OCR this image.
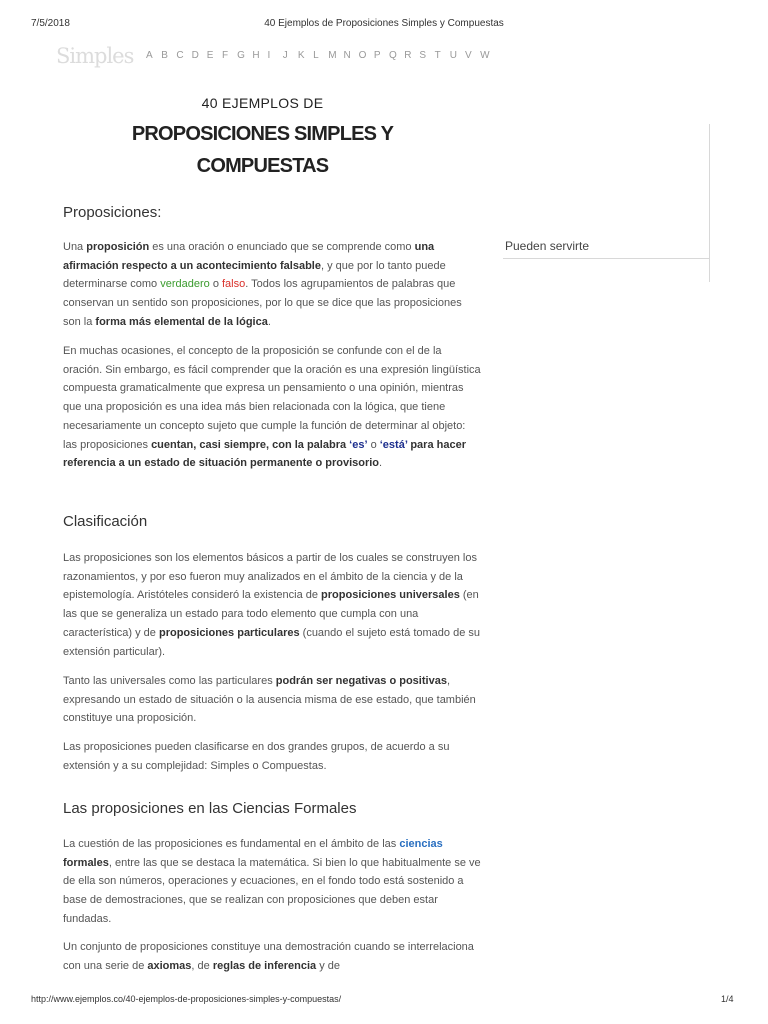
7/5/2018	40 Ejemplos de Proposiciones Simples y Compuestas
Simples A B C D E F G H I	J	K L M N O P Q R S T U V W
40 EJEMPLOS DE
PROPOSICIONES SIMPLES Y
COMPUESTAS
Pueden servirte
Proposiciones:

Una proposición es una oración o enunciado que se comprende como una afirmación respecto a un acontecimiento falsable, y que por lo tanto puede determinarse como verdadero o falso. Todos los agrupamientos de palabras que conservan un sentido son proposiciones, por lo que se dice que las proposiciones son la forma más elemental de la lógica.

En muchas ocasiones, el concepto de la proposición se confunde con el de la oración. Sin embargo, es fácil comprender que la oración es una expresión lingüística compuesta gramaticalmente que expresa un pensamiento o una opinión, mientras que una proposición es una idea más bien relacionada con la lógica, que tiene necesariamente un concepto sujeto que cumple la función de determinar al objeto: las proposiciones cuentan, casi siempre, con la palabra ‘es’ o ‘está’ para hacer referencia a un estado de situación permanente o provisorio.

Clasificación

Las proposiciones son los elementos básicos a partir de los cuales se construyen los razonamientos, y por eso fueron muy analizados en el ámbito de la ciencia y de la epistemología. Aristóteles consideró la existencia de proposiciones universales (en las que se generaliza un estado para todo elemento que cumpla con una característica) y de proposiciones particulares (cuando el sujeto está tomado de su extensión particular).

Tanto las universales como las particulares podrán ser negativas o positivas, expresando un estado de situación o la ausencia misma de ese estado, que también constituye una proposición.

Las proposiciones pueden clasificarse en dos grandes grupos, de acuerdo a su extensión y a su complejidad: Simples o Compuestas.

Las proposiciones en las Ciencias Formales

La cuestión de las proposiciones es fundamental en el ámbito de las ciencias formales, entre las que se destaca la matemática. Si bien lo que habitualmente se ve de ella son números, operaciones y ecuaciones, en el fondo todo está sostenido a base de demostraciones, que se realizan con proposiciones que deben estar fundadas.

Un conjunto de proposiciones constituye una demostración cuando se interrelaciona con una serie de axiomas, de reglas de inferencia y de

http://www.ejemplos.co/40-ejemplos-de-proposiciones-simples-y-compuestas/	1/4
